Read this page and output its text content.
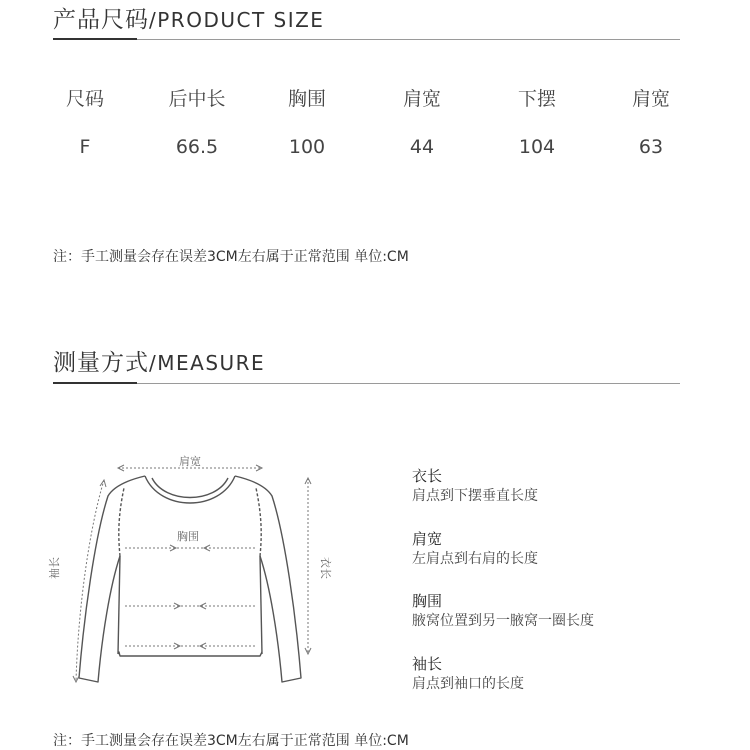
产品尺码/PRODUCT SIZE
尺码	后中长	胸围	肩宽	下摆	肩宽
F	66.5	100	44	104	63
注：手工测量会存在误差3CM左右属于正常范围 单位:CM
测量方式/MEASURE
肩宽
胸围
衣长
袖长
衣长
肩点到下摆垂直长度
肩宽
左肩点到右肩的长度
胸围
腋窝位置到另一腋窝一圈长度
袖长
肩点到袖口的长度
注：手工测量会存在误差3CM左右属于正常范围 单位:CM
